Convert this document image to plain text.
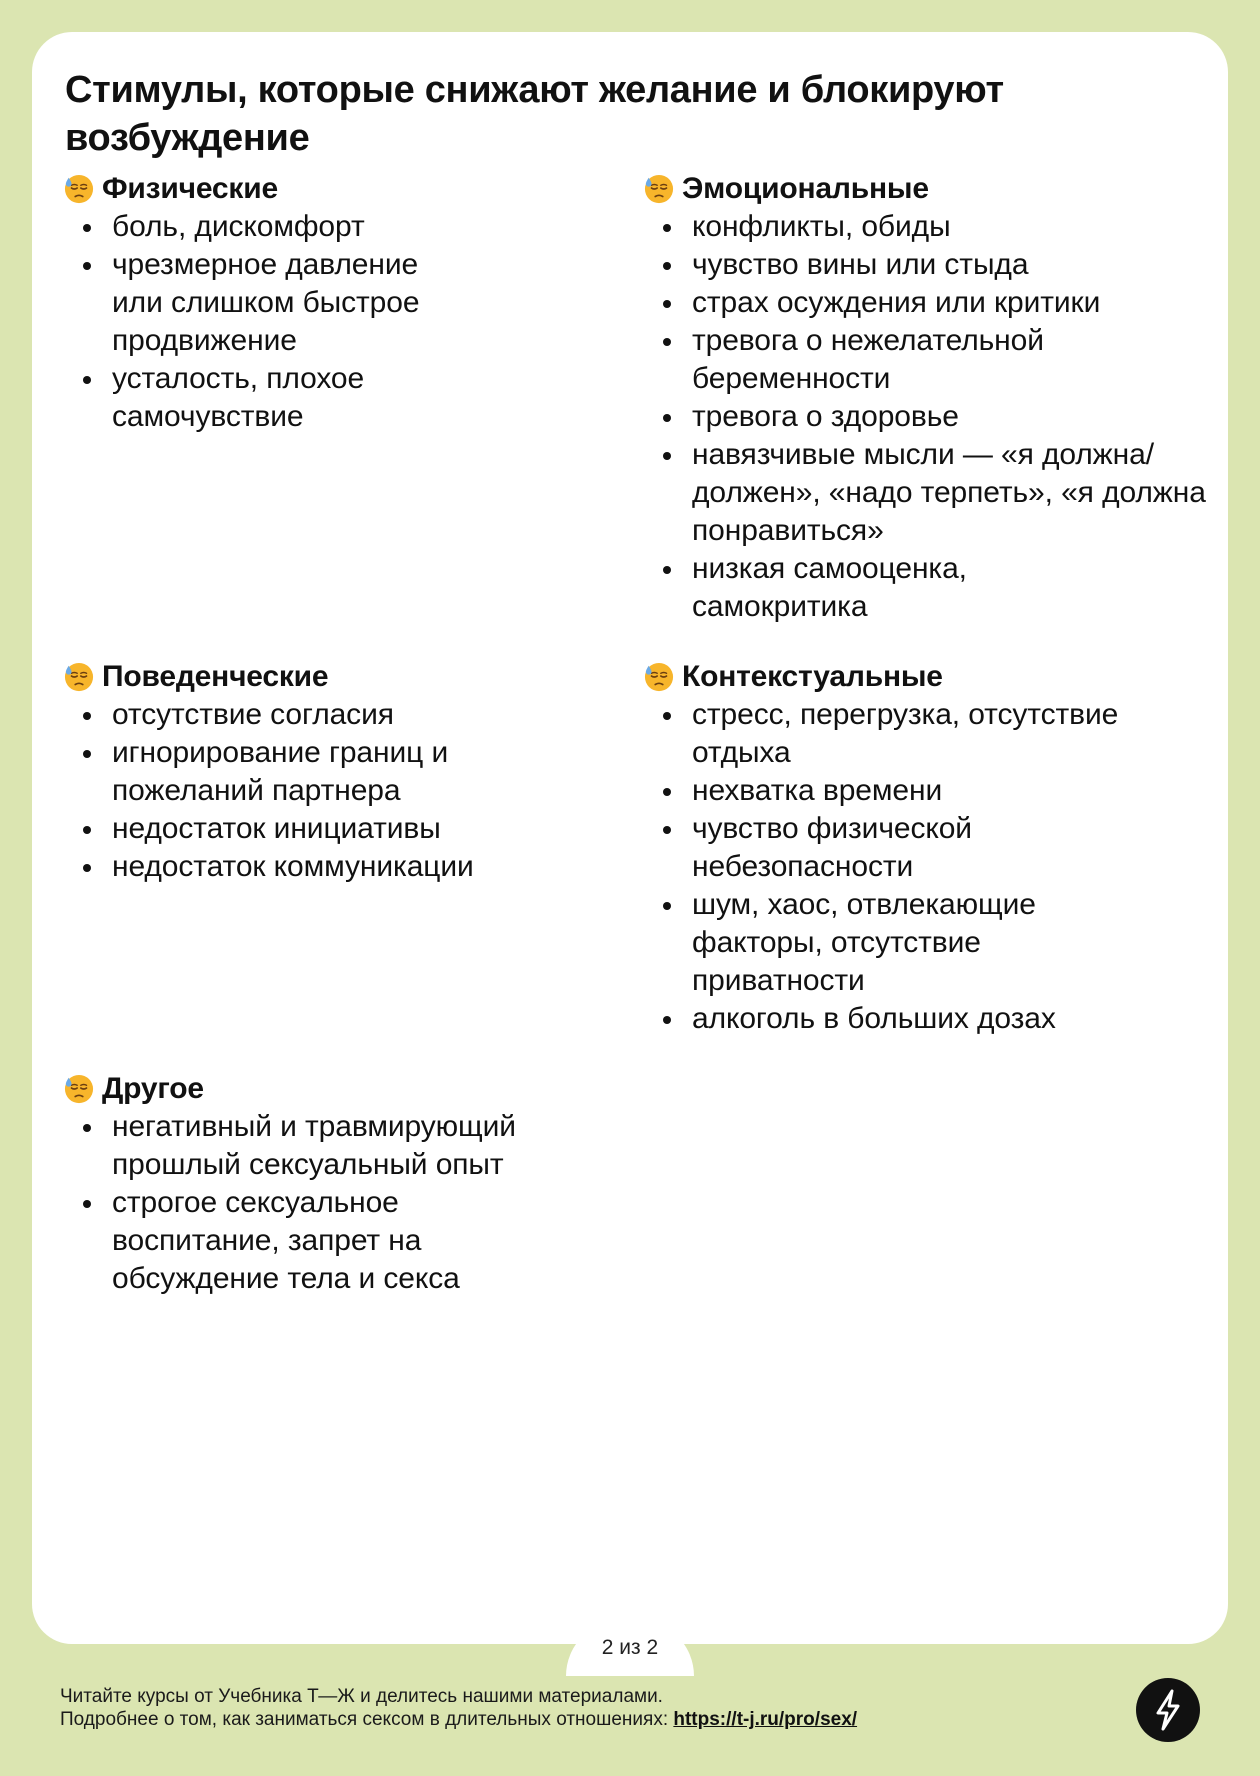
Стимулы, которые снижают желание и блокируют возбуждение
Физические
боль, дискомфорт
чрезмерное давление или слишком быстрое продвижение
усталость, плохое самочувствие
Эмоциональные
конфликты, обиды
чувство вины или стыда
страх осуждения или критики
тревога о нежелательной беременности
тревога о здоровье
навязчивые мысли — «я должна/должен», «надо терпеть», «я должна понравиться»
низкая самооценка, самокритика
Поведенческие
отсутствие согласия
игнорирование границ и пожеланий партнера
недостаток инициативы
недостаток коммуникации
Контекстуальные
стресс, перегрузка, отсутствие отдыха
нехватка времени
чувство физической небезопасности
шум, хаос, отвлекающие факторы, отсутствие приватности
алкоголь в больших дозах
Другое
негативный и травмирующий прошлый сексуальный опыт
строгое сексуальное воспитание, запрет на обсуждение тела и секса
2 из 2
Читайте курсы от Учебника Т—Ж и делитесь нашими материалами.
Подробнее о том, как заниматься сексом в длительных отношениях: https://t-j.ru/pro/sex/
